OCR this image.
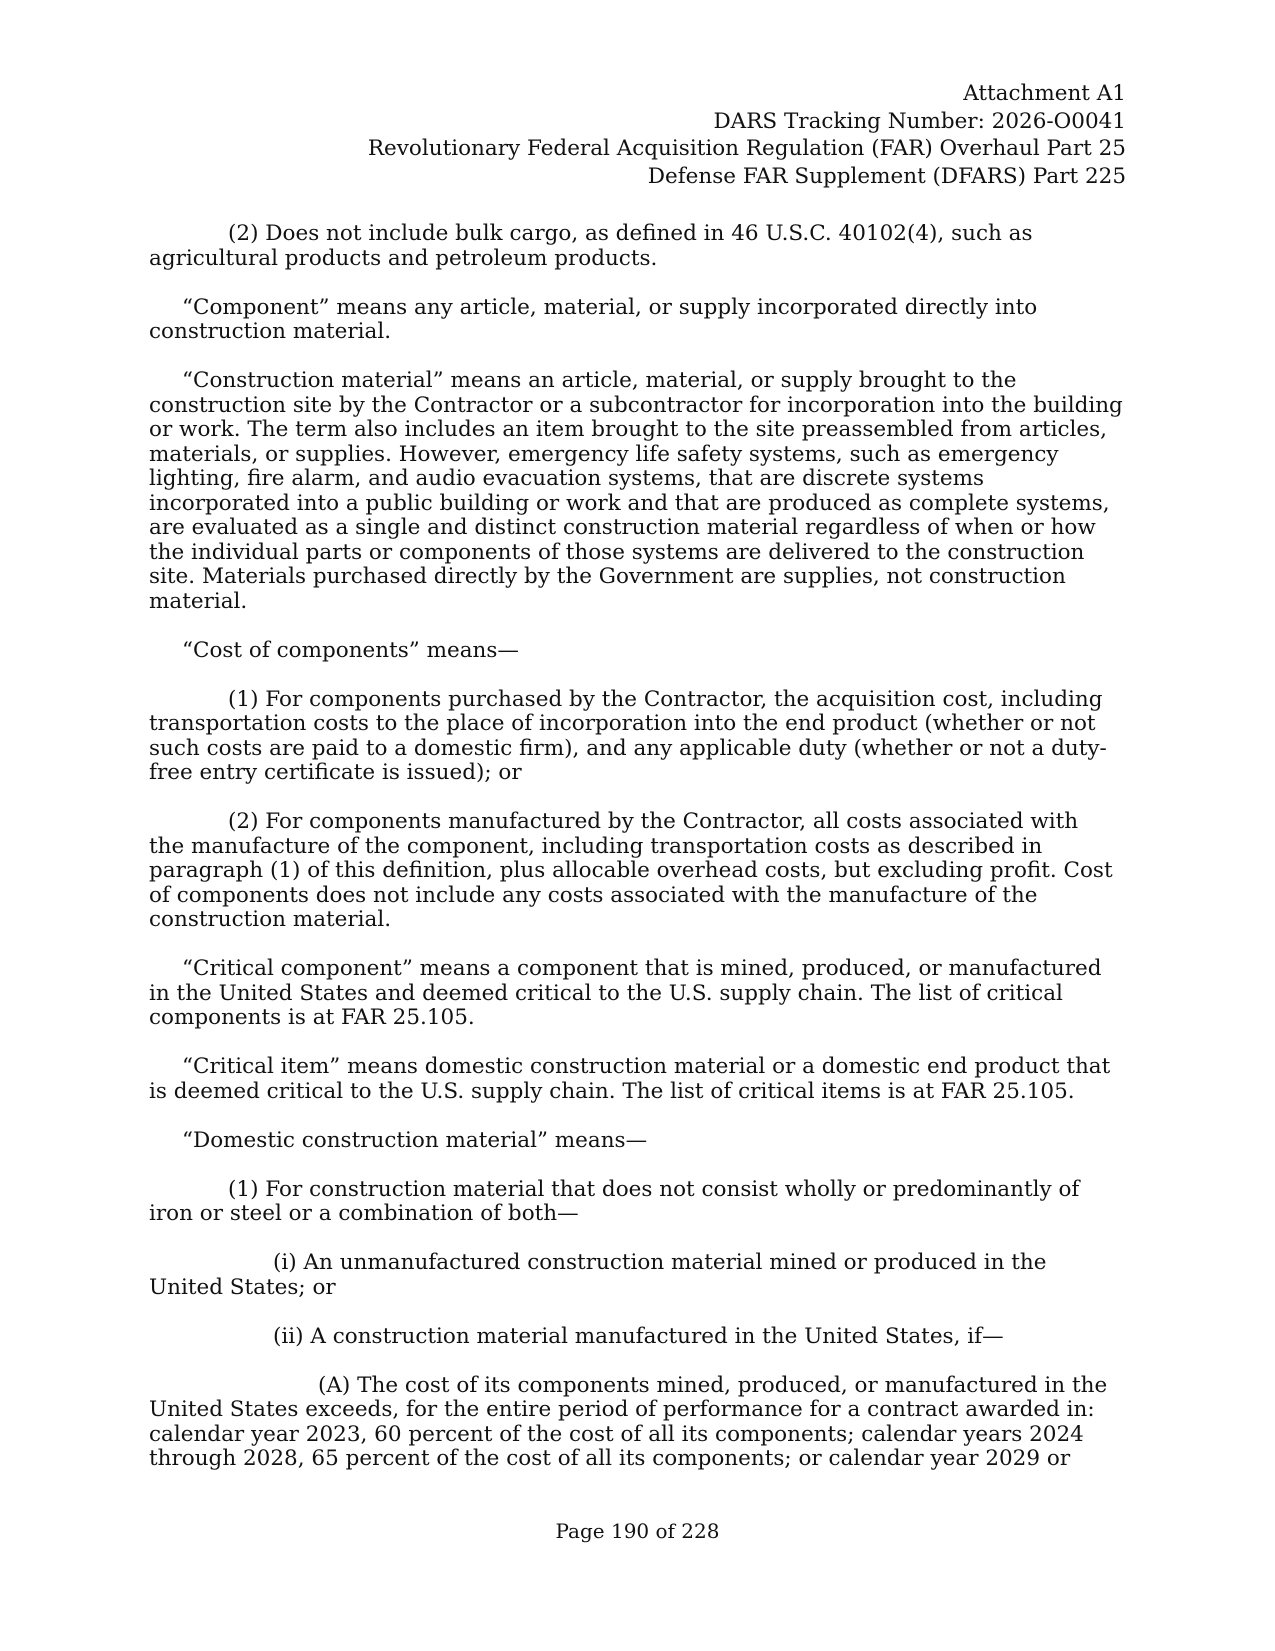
Attachment A1
DARS Tracking Number: 2026-O0041
Revolutionary Federal Acquisition Regulation (FAR) Overhaul Part 25
Defense FAR Supplement (DFARS) Part 225

(2) Does not include bulk cargo, as defined in 46 U.S.C. 40102(4), such as
agricultural products and petroleum products.

“Component” means any article, material, or supply incorporated directly into
construction material.

“Construction material” means an article, material, or supply brought to the
construction site by the Contractor or a subcontractor for incorporation into the building
or work. The term also includes an item brought to the site preassembled from articles,
materials, or supplies. However, emergency life safety systems, such as emergency
lighting, fire alarm, and audio evacuation systems, that are discrete systems
incorporated into a public building or work and that are produced as complete systems,
are evaluated as a single and distinct construction material regardless of when or how
the individual parts or components of those systems are delivered to the construction
site. Materials purchased directly by the Government are supplies, not construction
material.

“Cost of components” means—

(1) For components purchased by the Contractor, the acquisition cost, including
transportation costs to the place of incorporation into the end product (whether or not
such costs are paid to a domestic firm), and any applicable duty (whether or not a duty-
free entry certificate is issued); or

(2) For components manufactured by the Contractor, all costs associated with
the manufacture of the component, including transportation costs as described in
paragraph (1) of this definition, plus allocable overhead costs, but excluding profit. Cost
of components does not include any costs associated with the manufacture of the
construction material.

“Critical component” means a component that is mined, produced, or manufactured
in the United States and deemed critical to the U.S. supply chain. The list of critical
components is at FAR 25.105.

“Critical item” means domestic construction material or a domestic end product that
is deemed critical to the U.S. supply chain. The list of critical items is at FAR 25.105.

“Domestic construction material” means—

(1) For construction material that does not consist wholly or predominantly of
iron or steel or a combination of both—

(i) An unmanufactured construction material mined or produced in the
United States; or

(ii) A construction material manufactured in the United States, if—

(A) The cost of its components mined, produced, or manufactured in the
United States exceeds, for the entire period of performance for a contract awarded in:
calendar year 2023, 60 percent of the cost of all its components; calendar years 2024
through 2028, 65 percent of the cost of all its components; or calendar year 2029 or

Page 190 of 228
